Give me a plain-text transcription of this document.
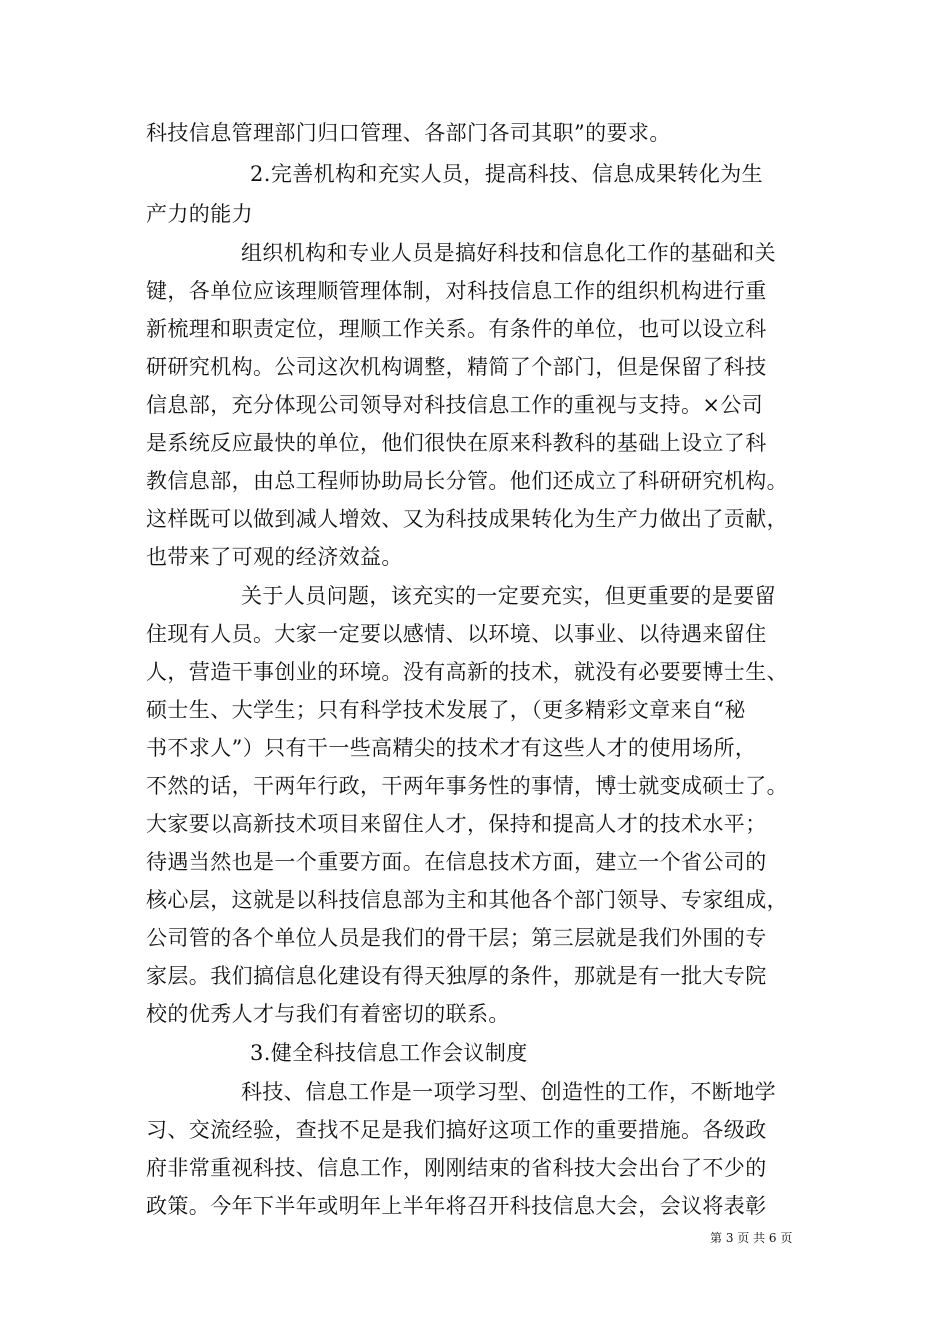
科技信息管理部门归口管理、各部门各司其职”的要求。
2.完善机构和充实人员，提高科技、信息成果转化为生
产力的能力
组织机构和专业人员是搞好科技和信息化工作的基础和关
键，各单位应该理顺管理体制，对科技信息工作的组织机构进行重
新梳理和职责定位，理顺工作关系。有条件的单位，也可以设立科
研研究机构。公司这次机构调整，精简了个部门，但是保留了科技
信息部，充分体现公司领导对科技信息工作的重视与支持。×公司
是系统反应最快的单位，他们很快在原来科教科的基础上设立了科
教信息部，由总工程师协助局长分管。他们还成立了科研研究机构。
这样既可以做到减人增效、又为科技成果转化为生产力做出了贡献，
也带来了可观的经济效益。
关于人员问题，该充实的一定要充实，但更重要的是要留
住现有人员。大家一定要以感情、以环境、以事业、以待遇来留住
人，营造干事创业的环境。没有高新的技术，就没有必要要博士生、
硕士生、大学生；只有科学技术发展了，（更多精彩文章来自“秘
书不求人”）只有干一些高精尖的技术才有这些人才的使用场所，
不然的话，干两年行政，干两年事务性的事情，博士就变成硕士了。
大家要以高新技术项目来留住人才，保持和提高人才的技术水平；
待遇当然也是一个重要方面。在信息技术方面，建立一个省公司的
核心层，这就是以科技信息部为主和其他各个部门领导、专家组成，
公司管的各个单位人员是我们的骨干层；第三层就是我们外围的专
家层。我们搞信息化建设有得天独厚的条件，那就是有一批大专院
校的优秀人才与我们有着密切的联系。
3.健全科技信息工作会议制度
科技、信息工作是一项学习型、创造性的工作，不断地学
习、交流经验，查找不足是我们搞好这项工作的重要措施。各级政
府非常重视科技、信息工作，刚刚结束的省科技大会出台了不少的
政策。今年下半年或明年上半年将召开科技信息大会，会议将表彰
第 3 页 共 6 页
